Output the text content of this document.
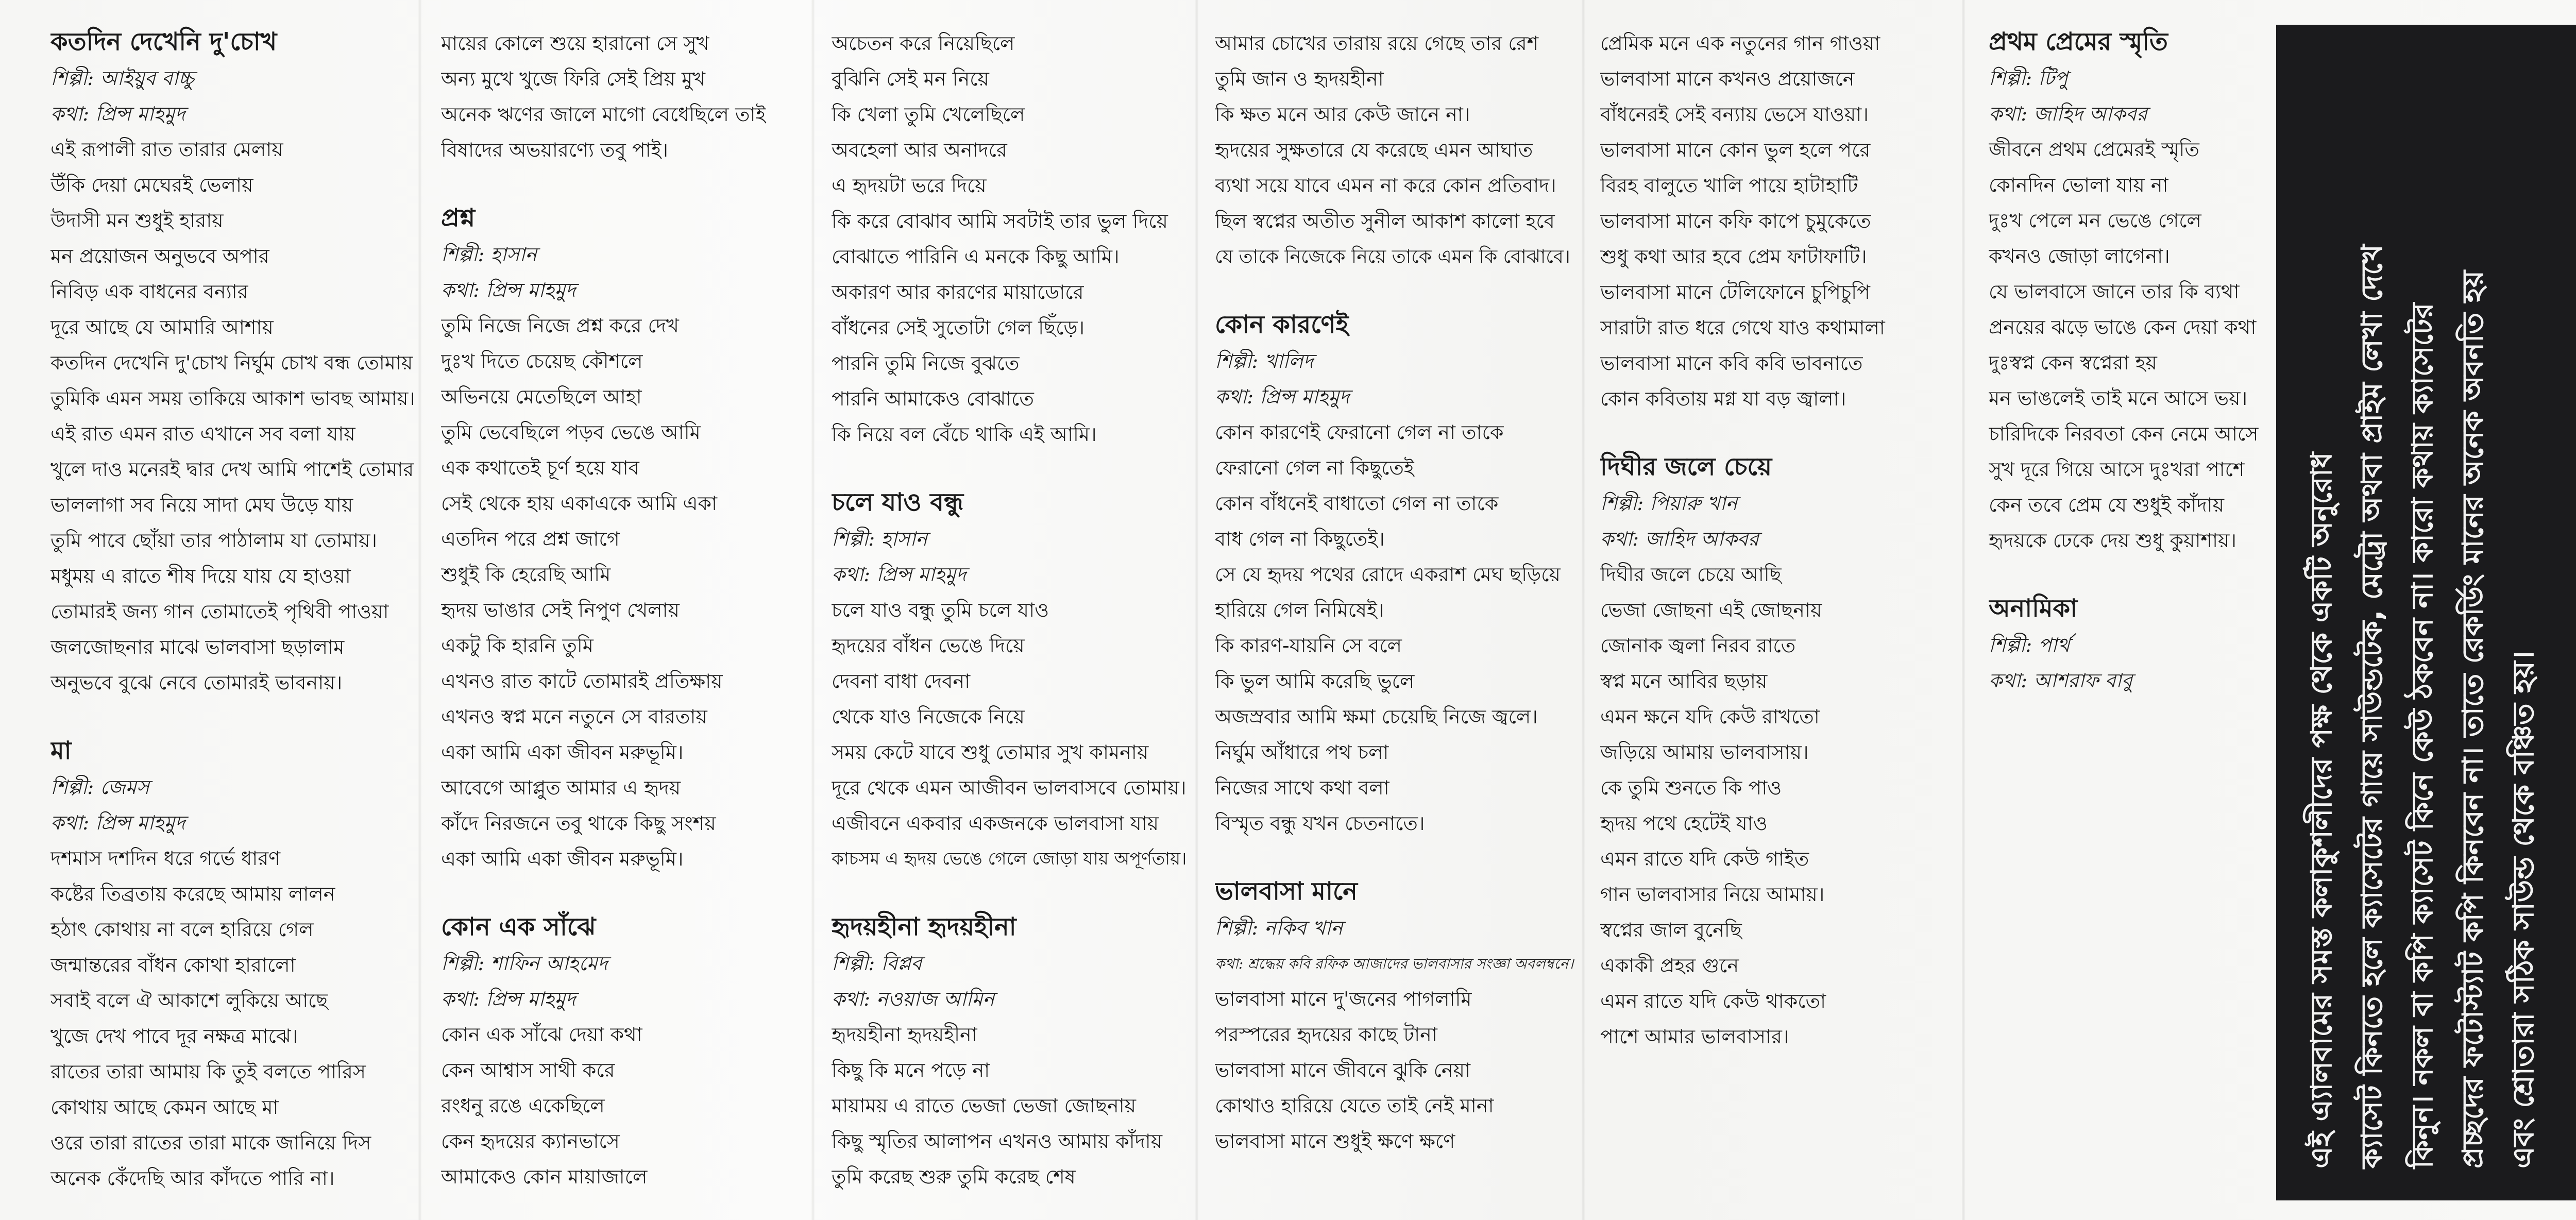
কতদিন দেখেনি দু'চোখ
শিল্পী: আইয়ুব বাচ্চু
কথা: প্রিন্স মাহমুদ
এই রূপালী রাত তারার মেলায়
উঁকি দেয়া মেঘেরই ভেলায়
উদাসী মন শুধুই হারায়
মন প্রয়োজন অনুভবে অপার
নিবিড় এক বাধনের বন্যার
দূরে আছে যে আমারি আশায়
কতদিন দেখেনি দু'চোখ নির্ঘুম চোখ বন্ধ তোমায়
তুমিকি এমন সময় তাকিয়ে আকাশ ভাবছ আমায়।
এই রাত এমন রাত এখানে সব বলা যায়
খুলে দাও মনেরই দ্বার দেখ আমি পাশেই তোমার
ভাললাগা সব নিয়ে সাদা মেঘ উড়ে যায়
তুমি পাবে ছোঁয়া তার পাঠালাম যা তোমায়।
মধুময় এ রাতে শীষ দিয়ে যায় যে হাওয়া
তোমারই জন্য গান তোমাতেই পৃথিবী পাওয়া
জলজোছনার মাঝে ভালবাসা ছড়ালাম
অনুভবে বুঝে নেবে তোমারই ভাবনায়।
মা
শিল্পী: জেমস
কথা: প্রিন্স মাহমুদ
দশমাস দশদিন ধরে গর্ভে ধারণ
কষ্টের তিব্রতায় করেছে আমায় লালন
হঠাৎ কোথায় না বলে হারিয়ে গেল
জন্মান্তরের বাঁধন কোথা হারালো
সবাই বলে ঐ আকাশে লুকিয়ে আছে
খুজে দেখ পাবে দূর নক্ষত্র মাঝে।
রাতের তারা আমায় কি তুই বলতে পারিস
কোথায় আছে কেমন আছে মা
ওরে তারা রাতের তারা মাকে জানিয়ে দিস
অনেক কেঁদেছি আর কাঁদতে পারি না।
মায়ের কোলে শুয়ে হারানো সে সুখ
অন্য মুখে খুজে ফিরি সেই প্রিয় মুখ
অনেক ঋণের জালে মাগো বেধেছিলে তাই
বিষাদের অভয়ারণ্যে তবু পাই।
প্রশ্ন
শিল্পী: হাসান
কথা: প্রিন্স মাহমুদ
তুমি নিজে নিজে প্রশ্ন করে দেখ
দুঃখ দিতে চেয়েছ কৌশলে
অভিনয়ে মেতেছিলে আহা
তুমি ভেবেছিলে পড়ব ভেঙে আমি
এক কথাতেই চূর্ণ হয়ে যাব
সেই থেকে হায় একাএকে আমি একা
এতদিন পরে প্রশ্ন জাগে
শুধুই কি হেরেছি আমি
হৃদয় ভাঙার সেই নিপুণ খেলায়
একটু কি হারনি তুমি
এখনও রাত কাটে তোমারই প্রতিক্ষায়
এখনও স্বপ্ন মনে নতুনে সে বারতায়
একা আমি একা জীবন মরুভূমি।
আবেগে আপ্লুত আমার এ হৃদয়
কাঁদে নিরজনে তবু থাকে কিছু সংশয়
একা আমি একা জীবন মরুভূমি।
কোন এক সাঁঝে
শিল্পী: শাফিন আহমেদ
কথা: প্রিন্স মাহমুদ
কোন এক সাঁঝে দেয়া কথা
কেন আশ্বাস সাথী করে
রংধনু রঙে একেছিলে
কেন হৃদয়ের ক্যানভাসে
আমাকেও কোন মায়াজালে
অচেতন করে নিয়েছিলে
বুঝিনি সেই মন নিয়ে
কি খেলা তুমি খেলেছিলে
অবহেলা আর অনাদরে
এ হৃদয়টা ভরে দিয়ে
কি করে বোঝাব আমি সবটাই তার ভুল দিয়ে
বোঝাতে পারিনি এ মনকে কিছু আমি।
অকারণ আর কারণের মায়াডোরে
বাঁধনের সেই সুতোটা গেল ছিঁড়ে।
পারনি তুমি নিজে বুঝতে
পারনি আমাকেও বোঝাতে
কি নিয়ে বল বেঁচে থাকি এই আমি।
চলে যাও বন্ধু
শিল্পী: হাসান
কথা: প্রিন্স মাহমুদ
চলে যাও বন্ধু তুমি চলে যাও
হৃদয়ের বাঁধন ভেঙে দিয়ে
দেবনা বাধা দেবনা
থেকে যাও নিজেকে নিয়ে
সময় কেটে যাবে শুধু তোমার সুখ কামনায়
দূরে থেকে এমন আজীবন ভালবাসবে তোমায়।
এজীবনে একবার একজনকে ভালবাসা যায়
কাচসম এ হৃদয় ভেঙে গেলে জোড়া যায় অপূর্ণতায়।
হৃদয়হীনা হৃদয়হীনা
শিল্পী: বিপ্লব
কথা: নওয়াজ আমিন
হৃদয়হীনা হৃদয়হীনা
কিছু কি মনে পড়ে না
মায়াময় এ রাতে ভেজা ভেজা জোছনায়
কিছু স্মৃতির আলাপন এখনও আমায় কাঁদায়
তুমি করেছ শুরু তুমি করেছ শেষ
আমার চোখের তারায় রয়ে গেছে তার রেশ
তুমি জান ও হৃদয়হীনা
কি ক্ষত মনে আর কেউ জানে না।
হৃদয়ের সুক্ষতারে যে করেছে এমন আঘাত
ব্যথা সয়ে যাবে এমন না করে কোন প্রতিবাদ।
ছিল স্বপ্নের অতীত সুনীল আকাশ কালো হবে
যে তাকে নিজেকে নিয়ে তাকে এমন কি বোঝাবে।
কোন কারণেই
শিল্পী: খালিদ
কথা: প্রিন্স মাহমুদ
কোন কারণেই ফেরানো গেল না তাকে
ফেরানো গেল না কিছুতেই
কোন বাঁধনেই বাধাতো গেল না তাকে
বাধ গেল না কিছুতেই।
সে যে হৃদয় পথের রোদে একরাশ মেঘ ছড়িয়ে
হারিয়ে গেল নিমিষেই।
কি কারণ-যায়নি সে বলে
কি ভুল আমি করেছি ভুলে
অজস্রবার আমি ক্ষমা চেয়েছি নিজে জ্বলে।
নির্ঘুম আঁধারে পথ চলা
নিজের সাথে কথা বলা
বিস্মৃত বন্ধু যখন চেতনাতে।
ভালবাসা মানে
শিল্পী: নকিব খান
কথা: শ্রদ্ধেয় কবি রফিক আজাদের ভালবাসার সংজ্ঞা অবলম্বনে।
ভালবাসা মানে দু'জনের পাগলামি
পরস্পরের হৃদয়ের কাছে টানা
ভালবাসা মানে জীবনে ঝুকি নেয়া
কোথাও হারিয়ে যেতে তাই নেই মানা
ভালবাসা মানে শুধুই ক্ষণে ক্ষণে
প্রেমিক মনে এক নতুনের গান গাওয়া
ভালবাসা মানে কখনও প্রয়োজনে
বাঁধনেরই সেই বন্যায় ভেসে যাওয়া।
ভালবাসা মানে কোন ভুল হলে পরে
বিরহ বালুতে খালি পায়ে হাটাহাটি
ভালবাসা মানে কফি কাপে চুমুকেতে
শুধু কথা আর হবে প্রেম ফাটাফাটি।
ভালবাসা মানে টেলিফোনে চুপিচুপি
সারাটা রাত ধরে গেথে যাও কথামালা
ভালবাসা মানে কবি কবি ভাবনাতে
কোন কবিতায় মগ্ন যা বড় জ্বালা।
দিঘীর জলে চেয়ে
শিল্পী: পিয়ারু খান
কথা: জাহিদ আকবর
দিঘীর জলে চেয়ে আছি
ভেজা জোছনা এই জোছনায়
জোনাক জ্বলা নিরব রাতে
স্বপ্ন মনে আবির ছড়ায়
এমন ক্ষনে যদি কেউ রাখতো
জড়িয়ে আমায় ভালবাসায়।
কে তুমি শুনতে কি পাও
হৃদয় পথে হেটেই যাও
এমন রাতে যদি কেউ গাইত
গান ভালবাসার নিয়ে আমায়।
স্বপ্নের জাল বুনেছি
একাকী প্রহর গুনে
এমন রাতে যদি কেউ থাকতো
পাশে আমার ভালবাসার।
প্রথম প্রেমের স্মৃতি
শিল্পী: টিপু
কথা: জাহিদ আকবর
জীবনে প্রথম প্রেমেরই স্মৃতি
কোনদিন ভোলা যায় না
দুঃখ পেলে মন ভেঙে গেলে
কখনও জোড়া লাগেনা।
যে ভালবাসে জানে তার কি ব্যথা
প্রনয়ের ঝড়ে ভাঙে কেন দেয়া কথা
দুঃস্বপ্ন কেন স্বপ্নেরা হয়
মন ভাঙলেই তাই মনে আসে ভয়।
চারিদিকে নিরবতা কেন নেমে আসে
সুখ দূরে গিয়ে আসে দুঃখরা পাশে
কেন তবে প্রেম যে শুধুই কাঁদায়
হৃদয়কে ঢেকে দেয় শুধু কুয়াশায়।
অনামিকা
শিল্পী: পার্থ
কথা: আশরাফ বাবু	এই এ্যালবামের সমস্ত কলাকুশলীদের পক্ষ থেকে একটি অনুরোধ ক্যাসেট কিনতে হলে ক্যাসেটের গায়ে সাউন্ডটেক, মেট্রো অথবা প্রাইম লেখা দেখে কিনুন। নকল বা কপি ক্যাসেট কিনে কেউ ঠকবেন না। কারো কথায় ক্যাসেটের প্রচ্ছদের ফটোস্ট্যাট কপি কিনবেন না। তাতে রেকর্ডিং মানের অনেক অবনতি হয় এবং শ্রোতারা সঠিক সাউন্ড থেকে বঞ্চিত হয়।
